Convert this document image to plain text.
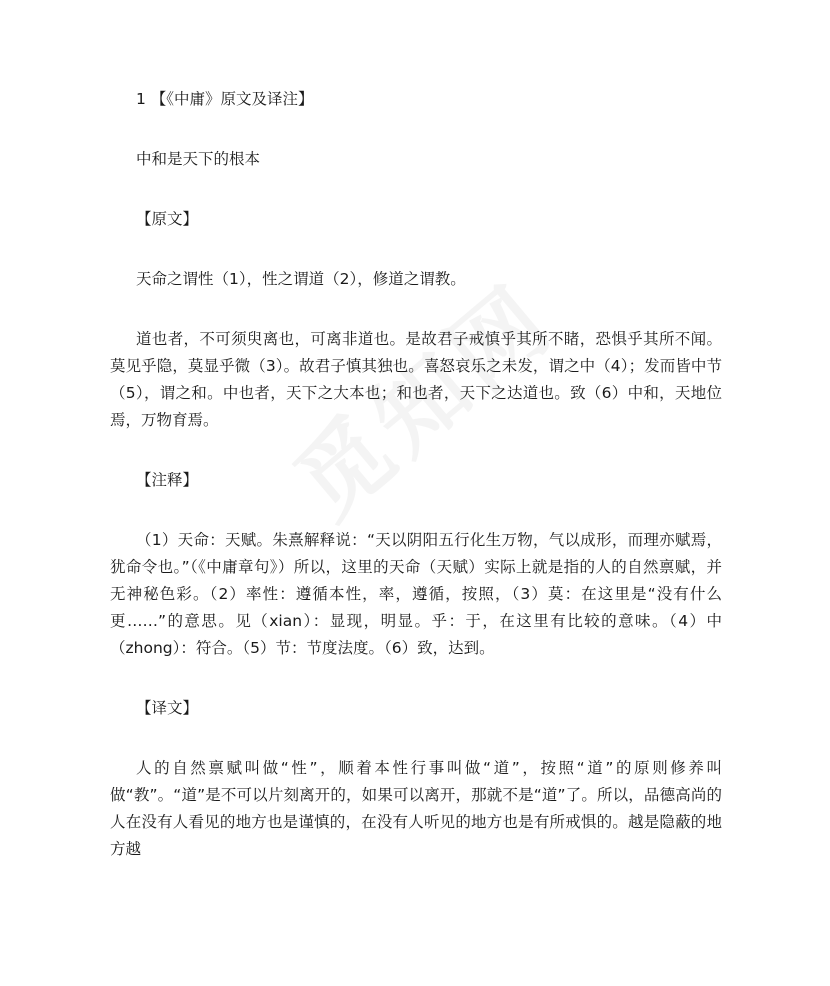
1 【《中庸》原文及译注】

中和是天下的根本

【原文】

天命之谓性（1），性之谓道（2），修道之谓教。

道也者，不可须臾离也，可离非道也。是故君子戒慎乎其所不睹，恐惧乎其所不闻。莫见乎隐，莫显乎微（3）。故君子慎其独也。喜怒哀乐之未发，谓之中（4）；发而皆中节（5），谓之和。中也者，天下之大本也；和也者，天下之达道也。致（6）中和，天地位焉，万物育焉。

【注释】

（1）天命：天赋。朱熹解释说：“天以阴阳五行化生万物，气以成形，而理亦赋焉，犹命令也。”（《中庸章句》）所以，这里的天命（天赋）实际上就是指的人的自然禀赋，并无神秘色彩。（2）率性：遵循本性，率，遵循，按照，（3）莫：在这里是“没有什么更……”的意思。见（xian）：显现，明显。乎：于，在这里有比较的意味。（4）中（zhong）：符合。（5）节：节度法度。（6）致，达到。

【译文】

人的自然禀赋叫做“性”，顺着本性行事叫做“道”，按照“道”的原则修养叫做“教”。“道”是不可以片刻离开的，如果可以离开，那就不是“道”了。所以，品德高尚的人在没有人看见的地方也是谨慎的，在没有人听见的地方也是有所戒惧的。越是隐蔽的地方越
